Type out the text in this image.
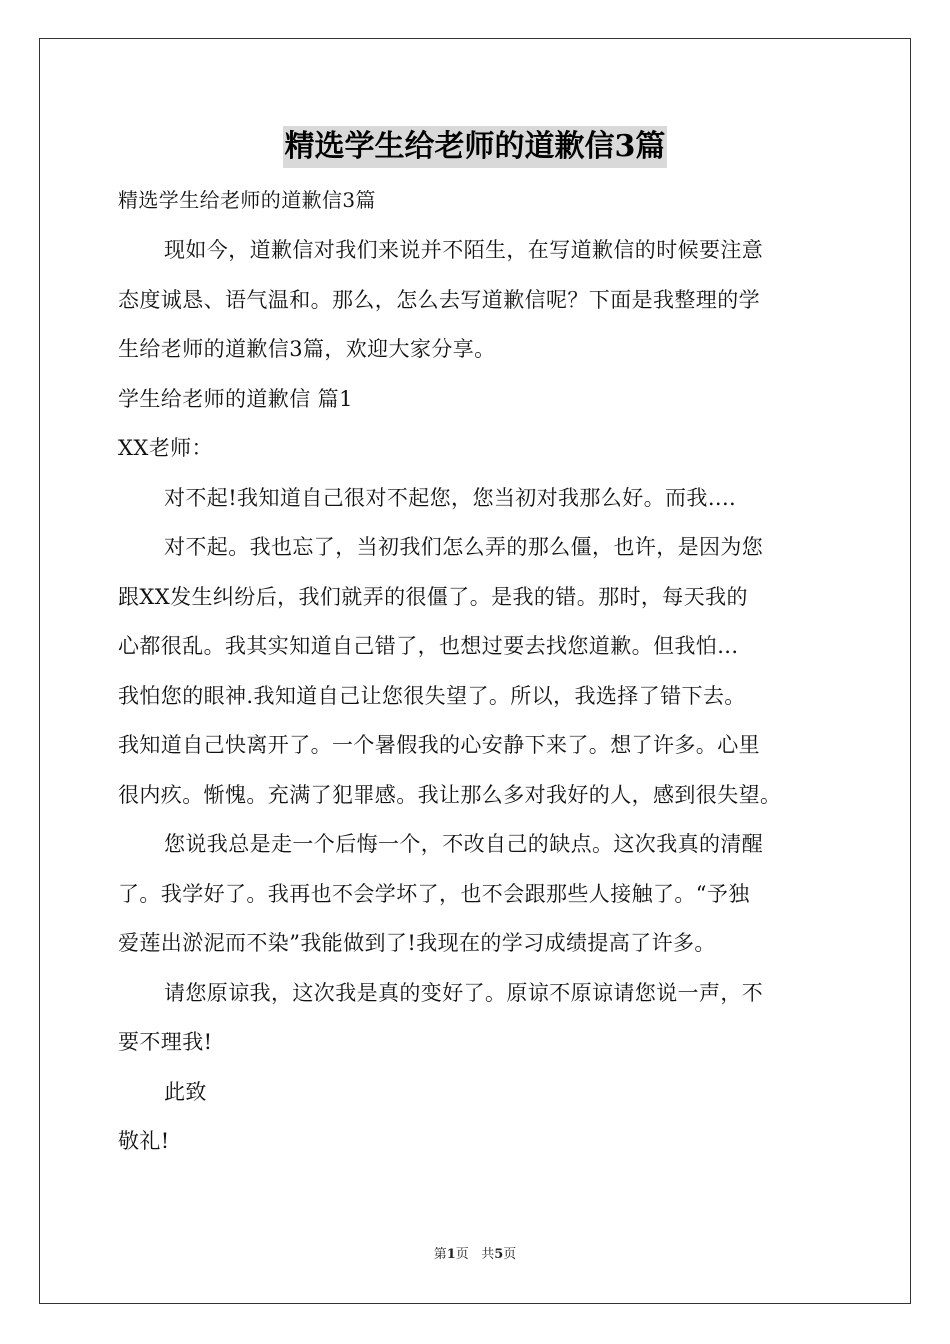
精选学生给老师的道歉信3篇
精选学生给老师的道歉信3篇
现如今，道歉信对我们来说并不陌生，在写道歉信的时候要注意
态度诚恳、语气温和。那么，怎么去写道歉信呢？下面是我整理的学
生给老师的道歉信3篇，欢迎大家分享。
学生给老师的道歉信 篇1
XX老师：
对不起!我知道自己很对不起您，您当初对我那么好。而我....
对不起。我也忘了，当初我们怎么弄的那么僵，也许，是因为您
跟XX发生纠纷后，我们就弄的很僵了。是我的错。那时，每天我的
心都很乱。我其实知道自己错了，也想过要去找您道歉。但我怕...
我怕您的眼神.我知道自己让您很失望了。所以，我选择了错下去。
我知道自己快离开了。一个暑假我的心安静下来了。想了许多。心里
很内疚。惭愧。充满了犯罪感。我让那么多对我好的人，感到很失望。
您说我总是走一个后悔一个，不改自己的缺点。这次我真的清醒
了。我学好了。我再也不会学坏了，也不会跟那些人接触了。“予独
爱莲出淤泥而不染”我能做到了!我现在的学习成绩提高了许多。
请您原谅我，这次我是真的变好了。原谅不原谅请您说一声，不
要不理我!
此致
敬礼!
第1页 共5页
